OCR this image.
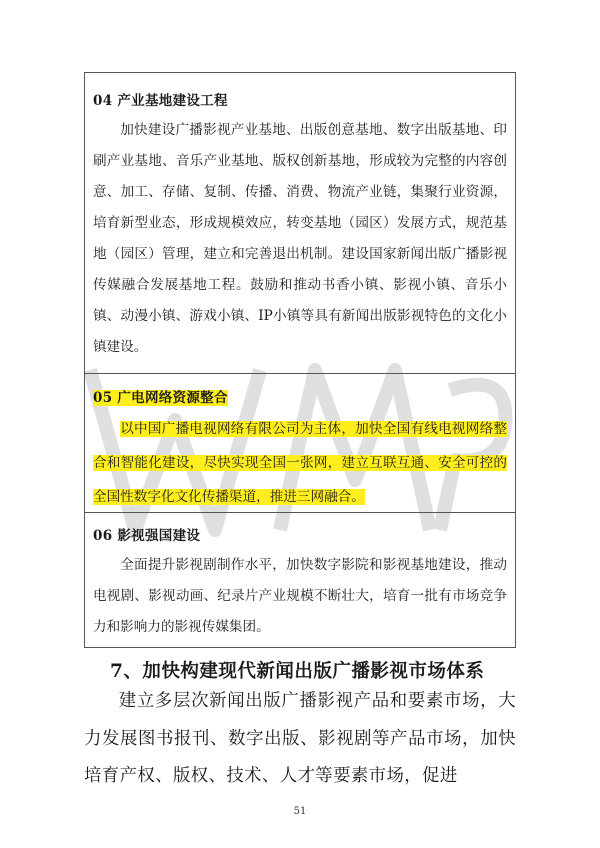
04 产业基地建设工程

加快建设广播影视产业基地、出版创意基地、数字出版基地、印刷产业基地、音乐产业基地、版权创新基地，形成较为完整的内容创意、加工、存储、复制、传播、消费、物流产业链，集聚行业资源，培育新型业态，形成规模效应，转变基地（园区）发展方式，规范基地（园区）管理，建立和完善退出机制。建设国家新闻出版广播影视传媒融合发展基地工程。鼓励和推动书香小镇、影视小镇、音乐小镇、动漫小镇、游戏小镇、IP小镇等具有新闻出版影视特色的文化小镇建设。

05 广电网络资源整合

以中国广播电视网络有限公司为主体，加快全国有线电视网络整合和智能化建设，尽快实现全国一张网，建立互联互通、安全可控的全国性数字化文化传播渠道，推进三网融合。

06 影视强国建设

全面提升影视剧制作水平，加快数字影院和影视基地建设，推动电视剧、影视动画、纪录片产业规模不断壮大，培育一批有市场竞争力和影响力的影视传媒集团。
7、加快构建现代新闻出版广播影视市场体系

建立多层次新闻出版广播影视产品和要素市场，大力发展图书报刊、数字出版、影视剧等产品市场，加快培育产权、版权、技术、人才等要素市场，促进

51
